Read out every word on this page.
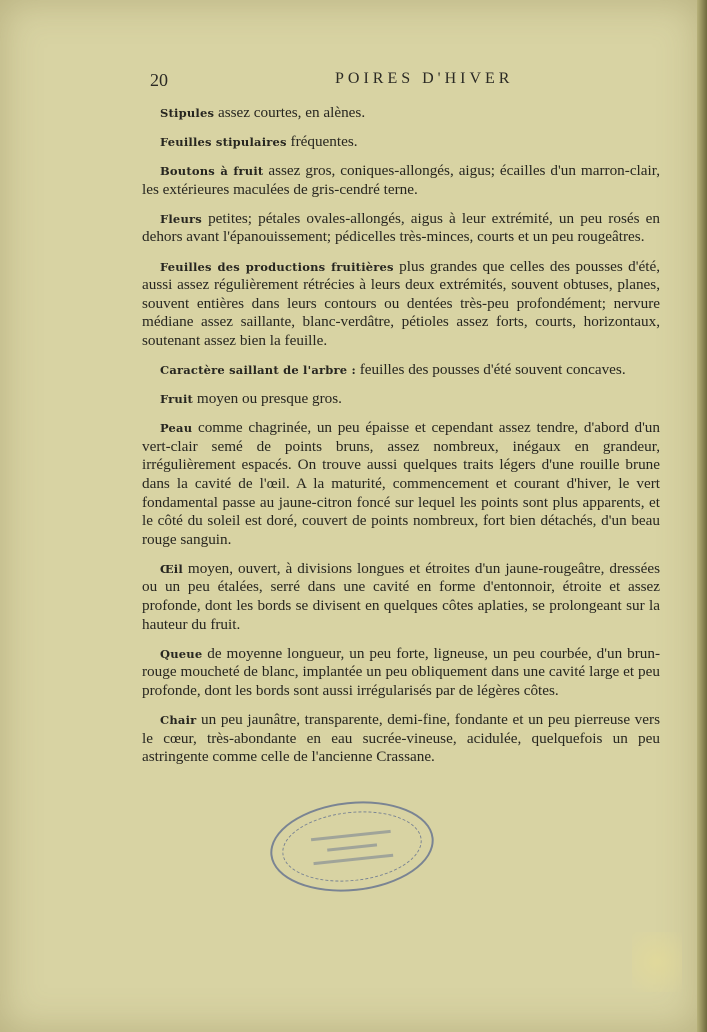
20	POIRES D'HIVER

Stipules assez courtes, en alènes.

Feuilles stipulaires fréquentes.

Boutons à fruit assez gros, coniques-allongés, aigus; écailles d'un marron-clair, les extérieures maculées de gris-cendré terne.

Fleurs petites; pétales ovales-allongés, aigus à leur extrémité, un peu rosés en dehors avant l'épanouissement; pédicelles très-minces, courts et un peu rougeâtres.

Feuilles des productions fruitières plus grandes que celles des pousses d'été, aussi assez régulièrement rétrécies à leurs deux extrémités, souvent obtuses, planes, souvent entières dans leurs contours ou dentées très-peu profondément; nervure médiane assez saillante, blanc-verdâtre, pétioles assez forts, courts, horizontaux, soutenant assez bien la feuille.

Caractère saillant de l'arbre : feuilles des pousses d'été souvent concaves.

Fruit moyen ou presque gros.

Peau comme chagrinée, un peu épaisse et cependant assez tendre, d'abord d'un vert-clair semé de points bruns, assez nombreux, inégaux en grandeur, irrégulièrement espacés. On trouve aussi quelques traits légers d'une rouille brune dans la cavité de l'œil. A la maturité, commencement et courant d'hiver, le vert fondamental passe au jaune-citron foncé sur lequel les points sont plus apparents, et le côté du soleil est doré, couvert de points nombreux, fort bien détachés, d'un beau rouge sanguin.

Œil moyen, ouvert, à divisions longues et étroites d'un jaune-rougeâtre, dressées ou un peu étalées, serré dans une cavité en forme d'entonnoir, étroite et assez profonde, dont les bords se divisent en quelques côtes aplaties, se prolongeant sur la hauteur du fruit.

Queue de moyenne longueur, un peu forte, ligneuse, un peu courbée, d'un brun-rouge moucheté de blanc, implantée un peu obliquement dans une cavité large et peu profonde, dont les bords sont aussi irrégularisés par de légères côtes.

Chair un peu jaunâtre, transparente, demi-fine, fondante et un peu pierreuse vers le cœur, très-abondante en eau sucrée-vineuse, acidulée, quelquefois un peu astringente comme celle de l'ancienne Crassane.
